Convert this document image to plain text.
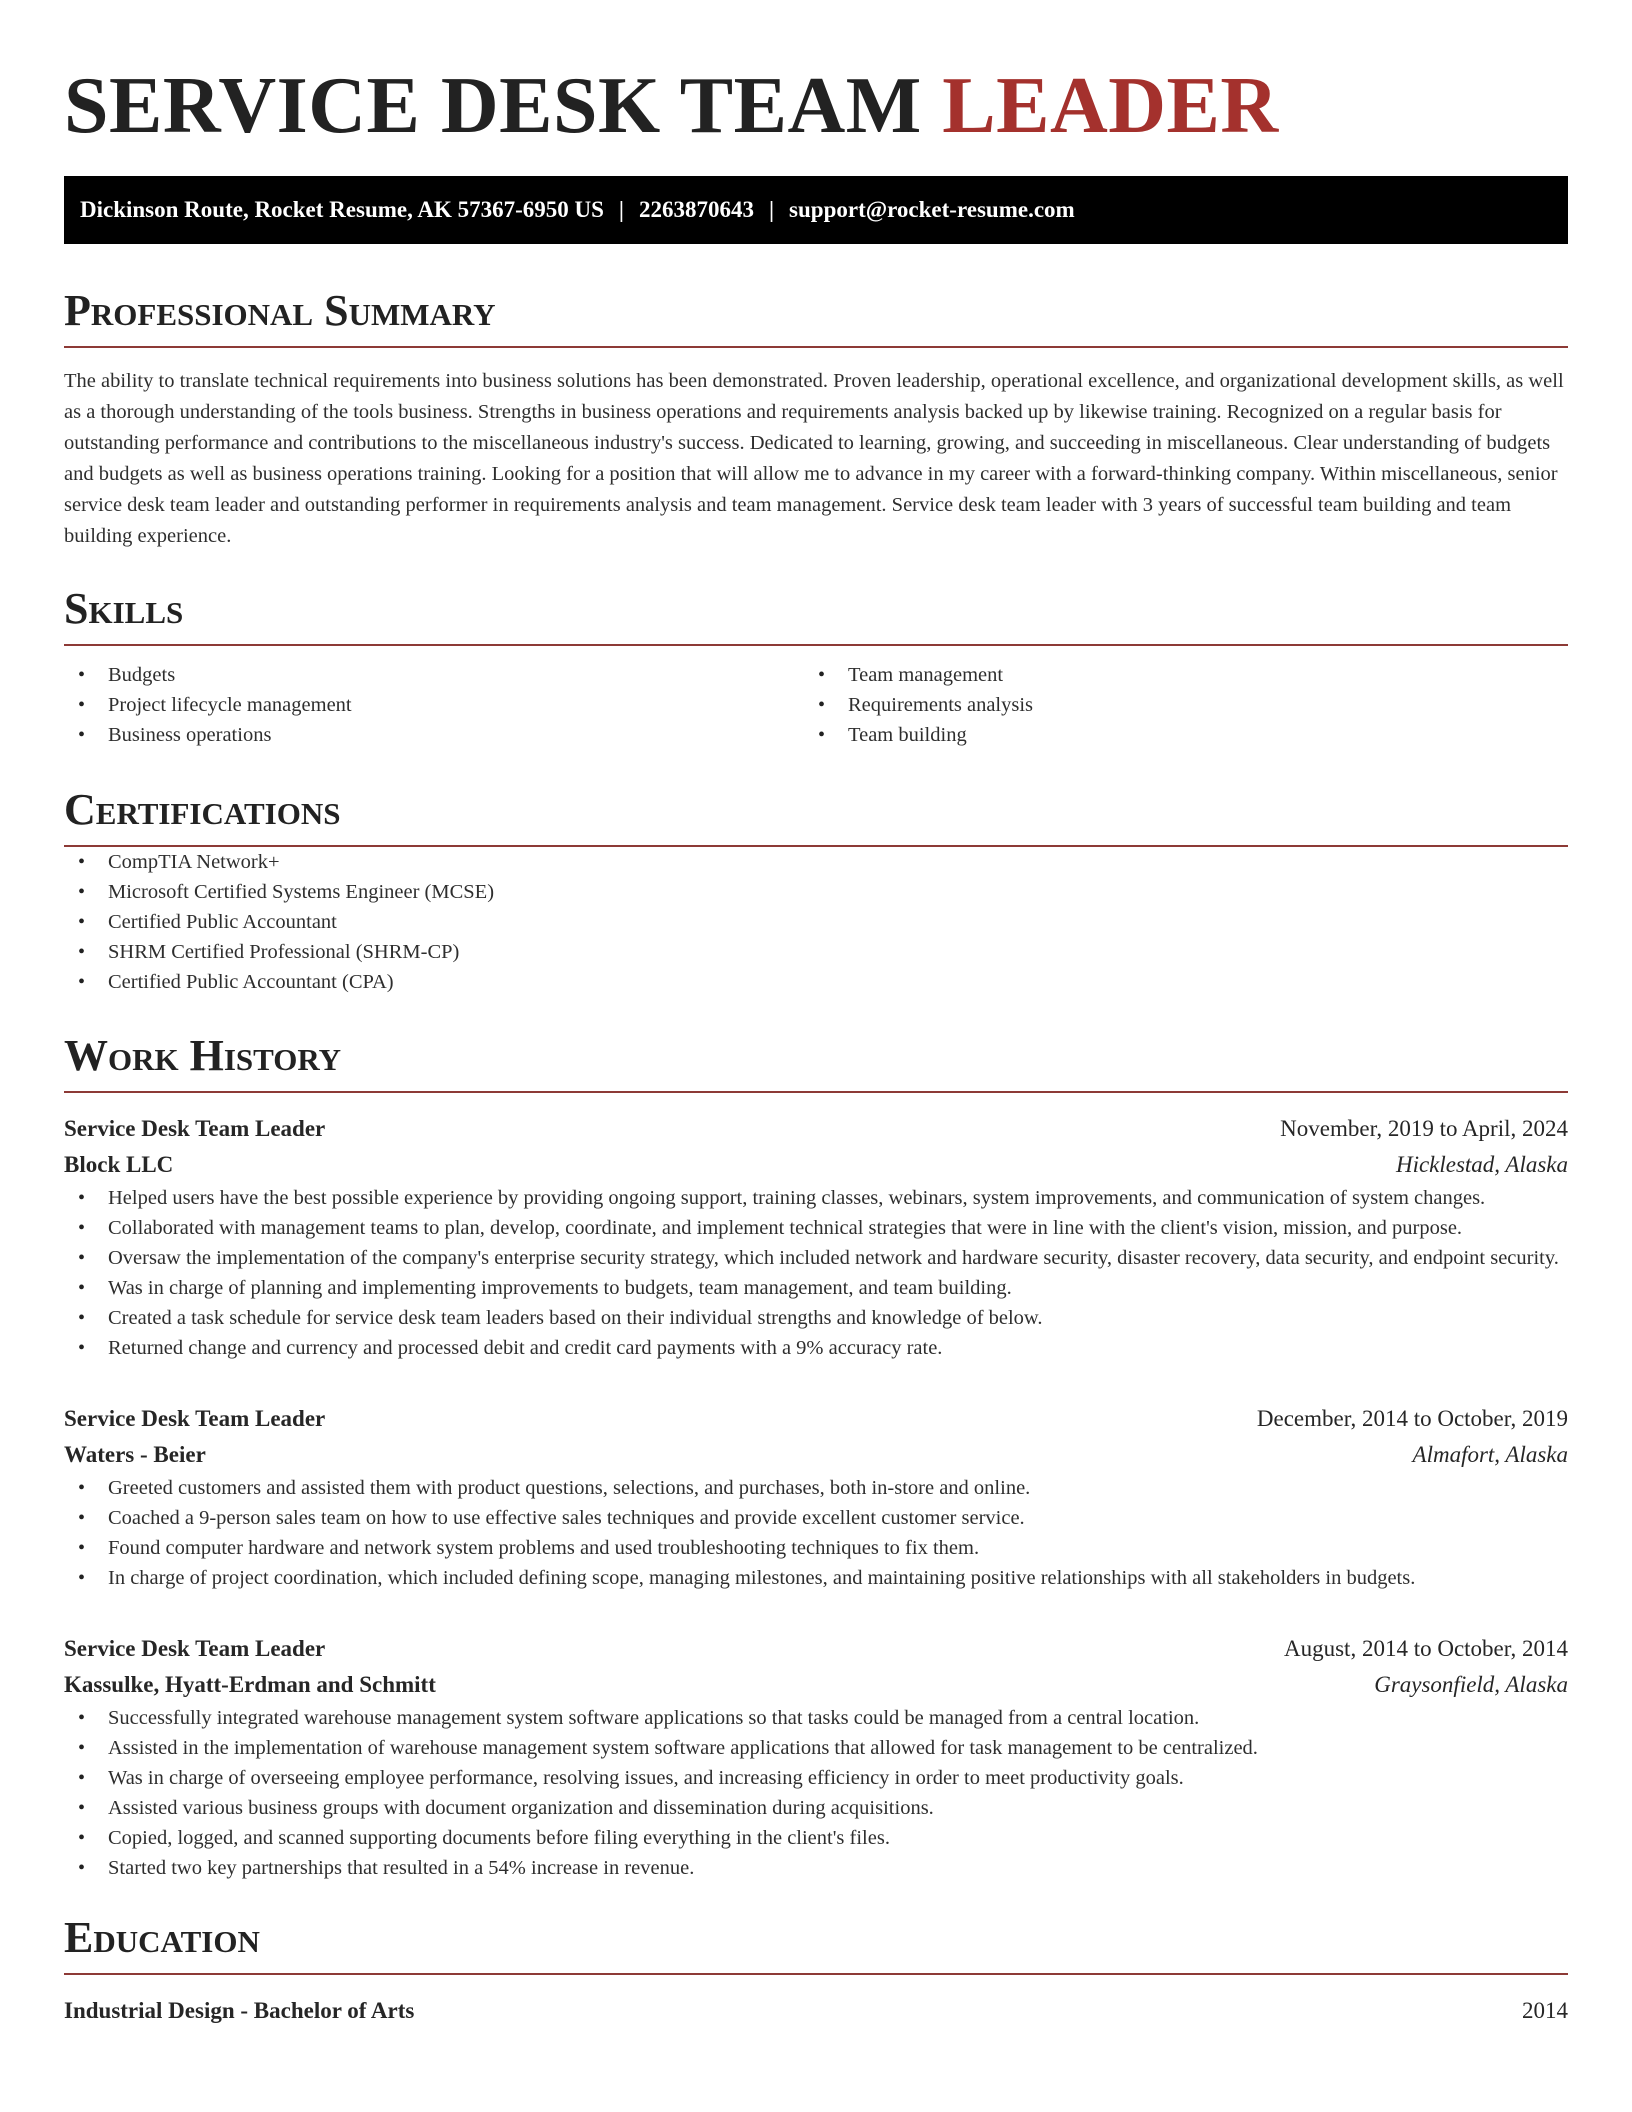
SERVICE DESK TEAM LEADER
Dickinson Route, Rocket Resume, AK 57367-6950 US | 2263870643 | support@rocket-resume.com
Professional Summary

The ability to translate technical requirements into business solutions has been demonstrated. Proven leadership, operational excellence, and organizational development skills, as well as a thorough understanding of the tools business. Strengths in business operations and requirements analysis backed up by likewise training. Recognized on a regular basis for outstanding performance and contributions to the miscellaneous industry's success. Dedicated to learning, growing, and succeeding in miscellaneous. Clear understanding of budgets and budgets as well as business operations training. Looking for a position that will allow me to advance in my career with a forward-thinking company. Within miscellaneous, senior service desk team leader and outstanding performer in requirements analysis and team management. Service desk team leader with 3 years of successful team building and team building experience.

Skills
• Budgets
• Project lifecycle management
• Business operations
• Team management
• Requirements analysis
• Team building
Certifications
• CompTIA Network+
• Microsoft Certified Systems Engineer (MCSE)
• Certified Public Accountant
• SHRM Certified Professional (SHRM-CP)
• Certified Public Accountant (CPA)
Work History
Service Desk Team Leader	November, 2019 to April, 2024
Block LLC	Hicklestad, Alaska
• Helped users have the best possible experience by providing ongoing support, training classes, webinars, system improvements, and communication of system changes.
• Collaborated with management teams to plan, develop, coordinate, and implement technical strategies that were in line with the client's vision, mission, and purpose.
• Oversaw the implementation of the company's enterprise security strategy, which included network and hardware security, disaster recovery, data security, and endpoint security.
• Was in charge of planning and implementing improvements to budgets, team management, and team building.
• Created a task schedule for service desk team leaders based on their individual strengths and knowledge of below.
• Returned change and currency and processed debit and credit card payments with a 9% accuracy rate.
Service Desk Team Leader	December, 2014 to October, 2019
Waters - Beier	Almafort, Alaska
• Greeted customers and assisted them with product questions, selections, and purchases, both in-store and online.
• Coached a 9-person sales team on how to use effective sales techniques and provide excellent customer service.
• Found computer hardware and network system problems and used troubleshooting techniques to fix them.
• In charge of project coordination, which included defining scope, managing milestones, and maintaining positive relationships with all stakeholders in budgets.
Service Desk Team Leader	August, 2014 to October, 2014
Kassulke, Hyatt-Erdman and Schmitt	Graysonfield, Alaska
• Successfully integrated warehouse management system software applications so that tasks could be managed from a central location.
• Assisted in the implementation of warehouse management system software applications that allowed for task management to be centralized.
• Was in charge of overseeing employee performance, resolving issues, and increasing efficiency in order to meet productivity goals.
• Assisted various business groups with document organization and dissemination during acquisitions.
• Copied, logged, and scanned supporting documents before filing everything in the client's files.
• Started two key partnerships that resulted in a 54% increase in revenue.
Education
Industrial Design - Bachelor of Arts	2014
